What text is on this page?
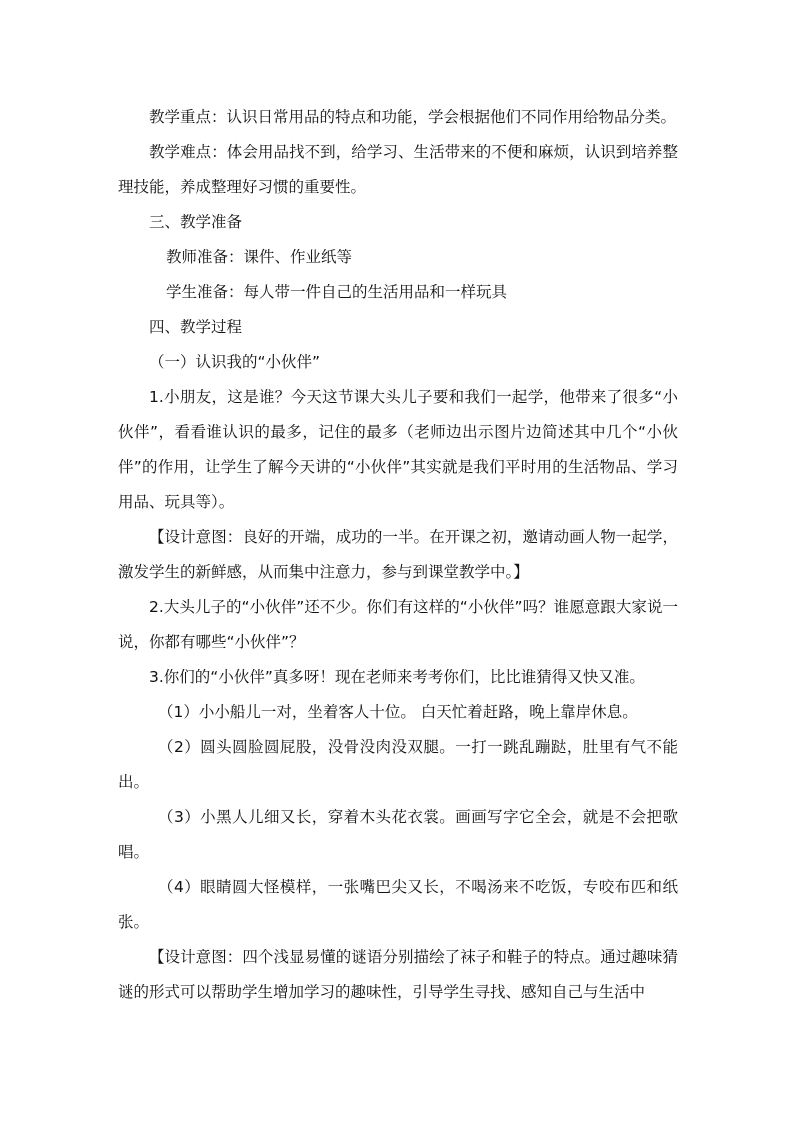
教学重点：认识日常用品的特点和功能，学会根据他们不同作用给物品分类。

教学难点：体会用品找不到，给学习、生活带来的不便和麻烦，认识到培养整理技能，养成整理好习惯的重要性。

三、教学准备

教师准备：课件、作业纸等

学生准备：每人带一件自己的生活用品和一样玩具

四、教学过程

（一）认识我的“小伙伴”

1.小朋友，这是谁？今天这节课大头儿子要和我们一起学，他带来了很多“小伙伴”，看看谁认识的最多，记住的最多（老师边出示图片边简述其中几个“小伙伴”的作用，让学生了解今天讲的“小伙伴”其实就是我们平时用的生活物品、学习用品、玩具等）。

【设计意图：良好的开端，成功的一半。在开课之初，邀请动画人物一起学，激发学生的新鲜感，从而集中注意力，参与到课堂教学中。】

2.大头儿子的“小伙伴”还不少。你们有这样的“小伙伴”吗？谁愿意跟大家说一说，你都有哪些“小伙伴”？

3.你们的“小伙伴”真多呀！现在老师来考考你们，比比谁猜得又快又准。

（1）小小船儿一对，坐着客人十位。 白天忙着赶路，晚上靠岸休息。

（2）圆头圆脸圆屁股，没骨没肉没双腿。一打一跳乱蹦跶，肚里有气不能出。

（3）小黑人儿细又长，穿着木头花衣裳。画画写字它全会，就是不会把歌唱。

（4）眼睛圆大怪模样，一张嘴巴尖又长，不喝汤来不吃饭，专咬布匹和纸张。

【设计意图：四个浅显易懂的谜语分别描绘了袜子和鞋子的特点。通过趣味猜谜的形式可以帮助学生增加学习的趣味性，引导学生寻找、感知自己与生活中
